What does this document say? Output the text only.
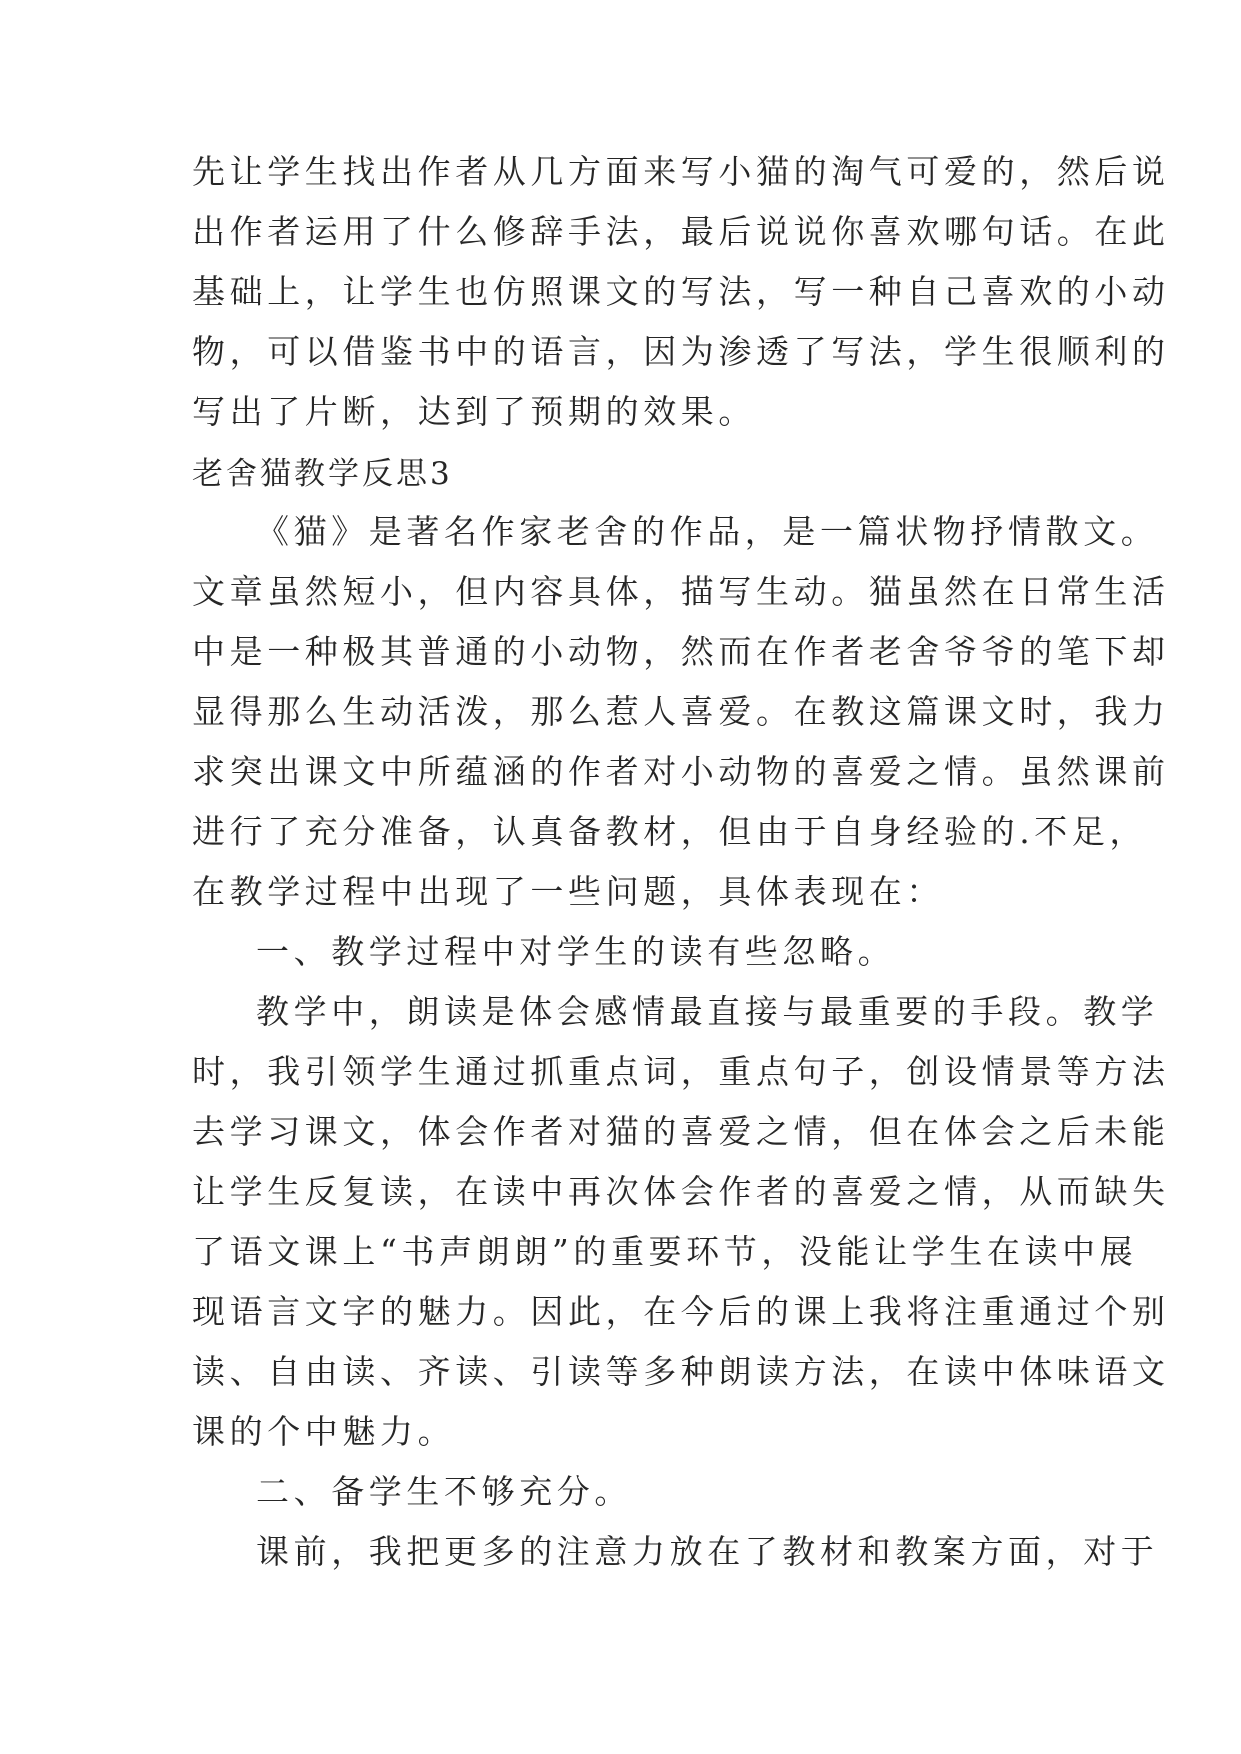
先让学生找出作者从几方面来写小猫的淘气可爱的，然后说
出作者运用了什么修辞手法，最后说说你喜欢哪句话。在此
基础上，让学生也仿照课文的写法，写一种自己喜欢的小动
物，可以借鉴书中的语言，因为渗透了写法，学生很顺利的
写出了片断，达到了预期的效果。
老舍猫教学反思3
《猫》是著名作家老舍的作品，是一篇状物抒情散文。
文章虽然短小，但内容具体，描写生动。猫虽然在日常生活
中是一种极其普通的小动物，然而在作者老舍爷爷的笔下却
显得那么生动活泼，那么惹人喜爱。在教这篇课文时，我力
求突出课文中所蕴涵的作者对小动物的喜爱之情。虽然课前
进行了充分准备，认真备教材，但由于自身经验的.不足，
在教学过程中出现了一些问题，具体表现在：
一、教学过程中对学生的读有些忽略。
教学中，朗读是体会感情最直接与最重要的手段。教学
时，我引领学生通过抓重点词，重点句子，创设情景等方法
去学习课文，体会作者对猫的喜爱之情，但在体会之后未能
让学生反复读，在读中再次体会作者的喜爱之情，从而缺失
了语文课上“书声朗朗”的重要环节，没能让学生在读中展
现语言文字的魅力。因此，在今后的课上我将注重通过个别
读、自由读、齐读、引读等多种朗读方法，在读中体味语文
课的个中魅力。
二、备学生不够充分。
课前，我把更多的注意力放在了教材和教案方面，对于
